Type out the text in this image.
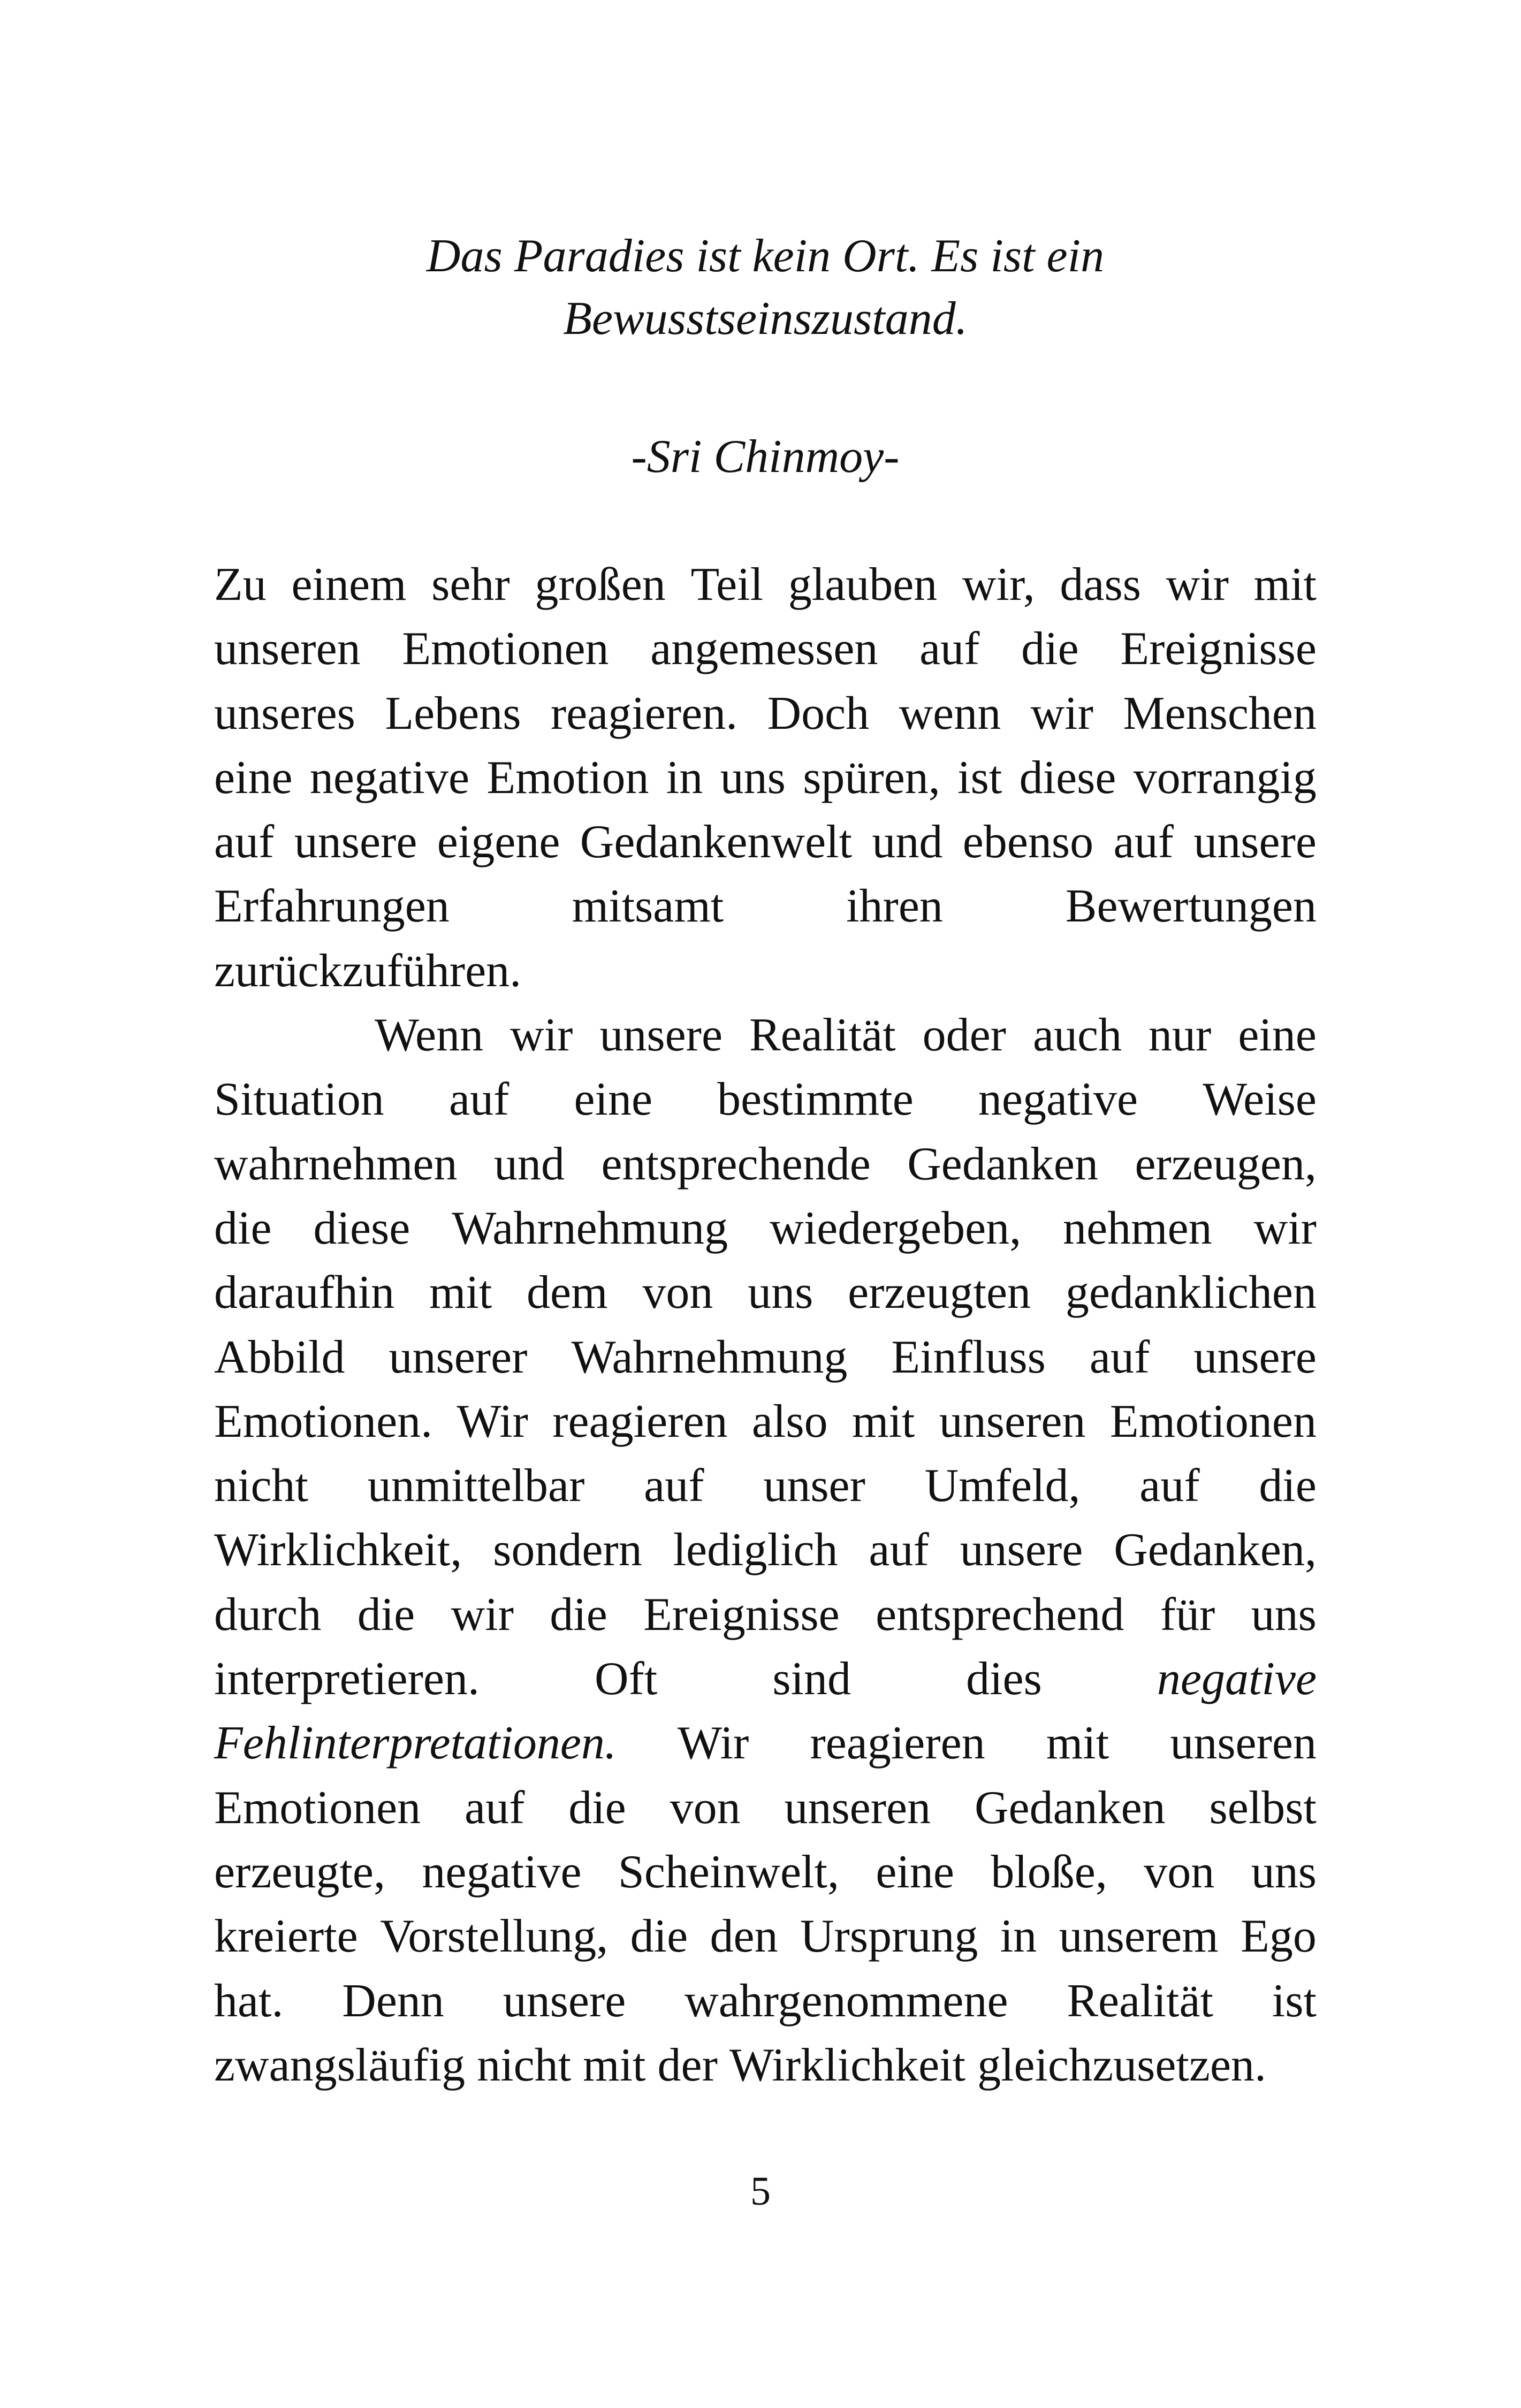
Das Paradies ist kein Ort. Es ist ein
Bewusstseinszustand.
-Sri Chinmoy-
Zu einem sehr großen Teil glauben wir, dass wir mit
unseren Emotionen angemessen auf die Ereignisse
unseres Lebens reagieren. Doch wenn wir Menschen
eine negative Emotion in uns spüren, ist diese vorrangig
auf unsere eigene Gedankenwelt und ebenso auf unsere
Erfahrungen	mitsamt	ihren	Bewertungen
zurückzuführen.
Wenn wir unsere Realität oder auch nur eine
Situation auf eine bestimmte negative Weise
wahrnehmen und entsprechende Gedanken erzeugen,
die diese Wahrnehmung wiedergeben, nehmen wir
daraufhin mit dem von uns erzeugten gedanklichen
Abbild unserer Wahrnehmung Einfluss auf unsere
Emotionen. Wir reagieren also mit unseren Emotionen
nicht unmittelbar auf unser Umfeld, auf die
Wirklichkeit, sondern lediglich auf unsere Gedanken,
durch die wir die Ereignisse entsprechend für uns
interpretieren. Oft sind dies negative
Fehlinterpretationen. Wir reagieren mit unseren
Emotionen auf die von unseren Gedanken selbst
erzeugte, negative Scheinwelt, eine bloße, von uns
kreierte Vorstellung, die den Ursprung in unserem Ego
hat. Denn unsere wahrgenommene Realität ist
zwangsläufig nicht mit der Wirklichkeit gleichzusetzen.
5
